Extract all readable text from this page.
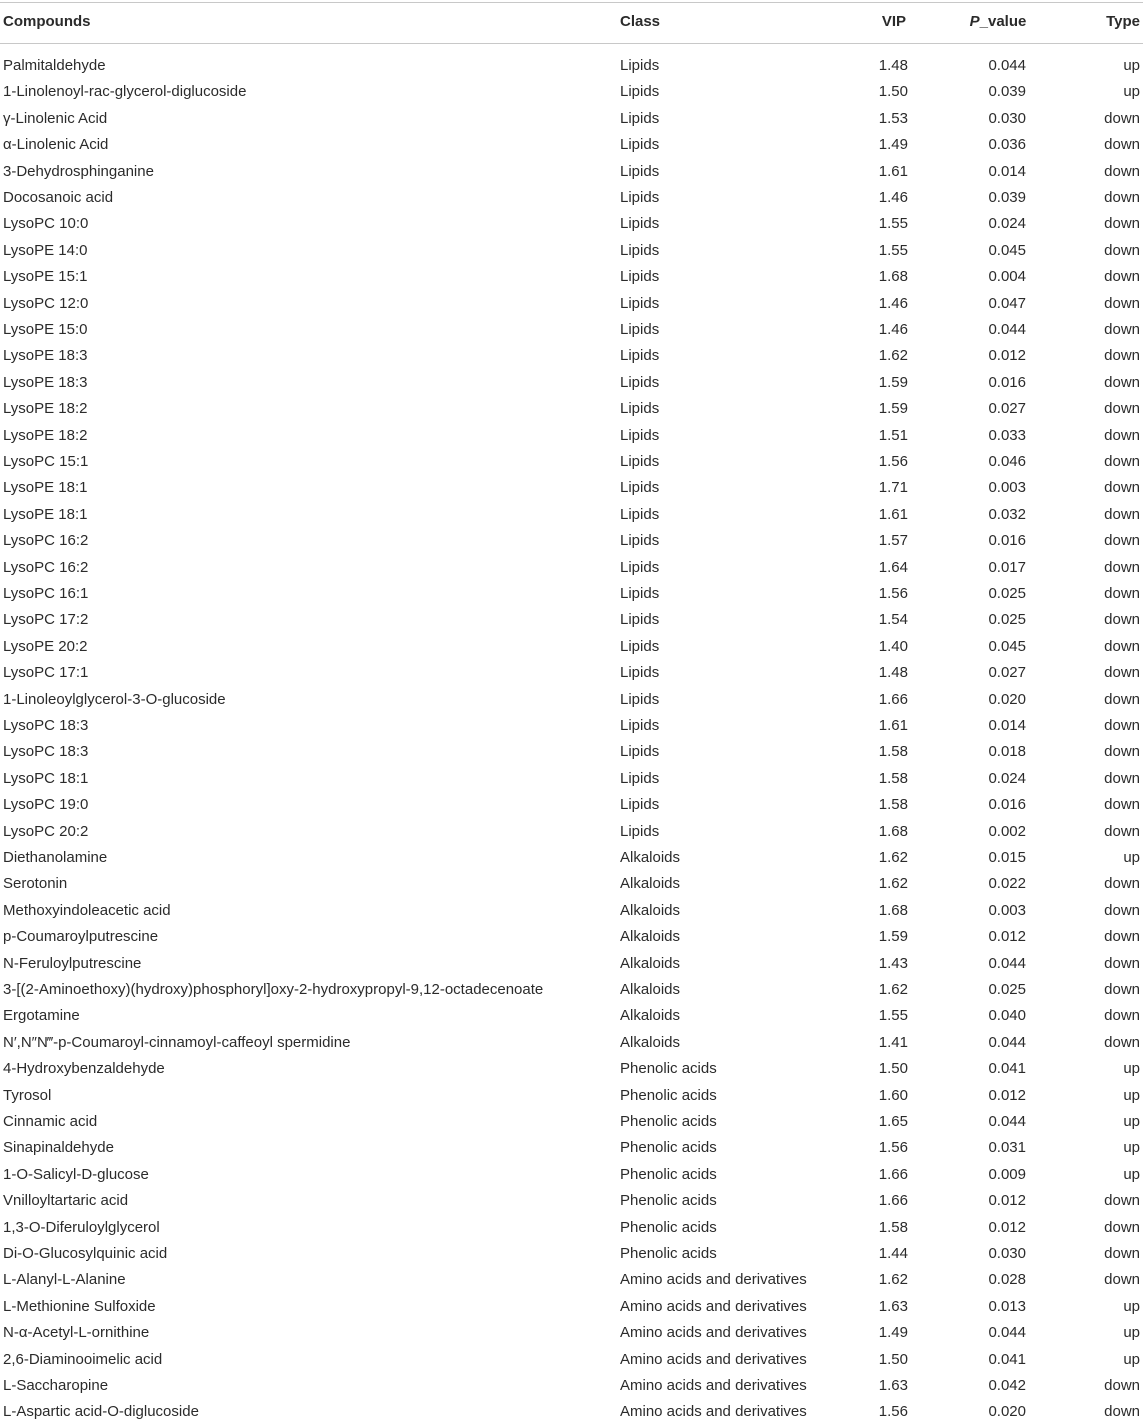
Compounds	Class	VIP	P_value	Type
Palmitaldehyde	Lipids	1.48	0.044	up
1-Linolenoyl-rac-glycerol-diglucoside	Lipids	1.50	0.039	up
γ-Linolenic Acid	Lipids	1.53	0.030	down
α-Linolenic Acid	Lipids	1.49	0.036	down
3-Dehydrosphinganine	Lipids	1.61	0.014	down
Docosanoic acid	Lipids	1.46	0.039	down
LysoPC 10:0	Lipids	1.55	0.024	down
LysoPE 14:0	Lipids	1.55	0.045	down
LysoPE 15:1	Lipids	1.68	0.004	down
LysoPC 12:0	Lipids	1.46	0.047	down
LysoPE 15:0	Lipids	1.46	0.044	down
LysoPE 18:3	Lipids	1.62	0.012	down
LysoPE 18:3	Lipids	1.59	0.016	down
LysoPE 18:2	Lipids	1.59	0.027	down
LysoPE 18:2	Lipids	1.51	0.033	down
LysoPC 15:1	Lipids	1.56	0.046	down
LysoPE 18:1	Lipids	1.71	0.003	down
LysoPE 18:1	Lipids	1.61	0.032	down
LysoPC 16:2	Lipids	1.57	0.016	down
LysoPC 16:2	Lipids	1.64	0.017	down
LysoPC 16:1	Lipids	1.56	0.025	down
LysoPC 17:2	Lipids	1.54	0.025	down
LysoPE 20:2	Lipids	1.40	0.045	down
LysoPC 17:1	Lipids	1.48	0.027	down
1-Linoleoylglycerol-3-O-glucoside	Lipids	1.66	0.020	down
LysoPC 18:3	Lipids	1.61	0.014	down
LysoPC 18:3	Lipids	1.58	0.018	down
LysoPC 18:1	Lipids	1.58	0.024	down
LysoPC 19:0	Lipids	1.58	0.016	down
LysoPC 20:2	Lipids	1.68	0.002	down
Diethanolamine	Alkaloids	1.62	0.015	up
Serotonin	Alkaloids	1.62	0.022	down
Methoxyindoleacetic acid	Alkaloids	1.68	0.003	down
p-Coumaroylputrescine	Alkaloids	1.59	0.012	down
N-Feruloylputrescine	Alkaloids	1.43	0.044	down
3-[(2-Aminoethoxy)(hydroxy)phosphoryl]oxy-2-hydroxypropyl-9,12-octadecenoate	Alkaloids	1.62	0.025	down
Ergotamine	Alkaloids	1.55	0.040	down
N′,N″N‴-p-Coumaroyl-cinnamoyl-caffeoyl spermidine	Alkaloids	1.41	0.044	down
4-Hydroxybenzaldehyde	Phenolic acids	1.50	0.041	up
Tyrosol	Phenolic acids	1.60	0.012	up
Cinnamic acid	Phenolic acids	1.65	0.044	up
Sinapinaldehyde	Phenolic acids	1.56	0.031	up
1-O-Salicyl-D-glucose	Phenolic acids	1.66	0.009	up
Vnilloyltartaric acid	Phenolic acids	1.66	0.012	down
1,3-O-Diferuloylglycerol	Phenolic acids	1.58	0.012	down
Di-O-Glucosylquinic acid	Phenolic acids	1.44	0.030	down
L-Alanyl-L-Alanine	Amino acids and derivatives	1.62	0.028	down
L-Methionine Sulfoxide	Amino acids and derivatives	1.63	0.013	up
N-α-Acetyl-L-ornithine	Amino acids and derivatives	1.49	0.044	up
2,6-Diaminooimelic acid	Amino acids and derivatives	1.50	0.041	up
L-Saccharopine	Amino acids and derivatives	1.63	0.042	down
L-Aspartic acid-O-diglucoside	Amino acids and derivatives	1.56	0.020	down
